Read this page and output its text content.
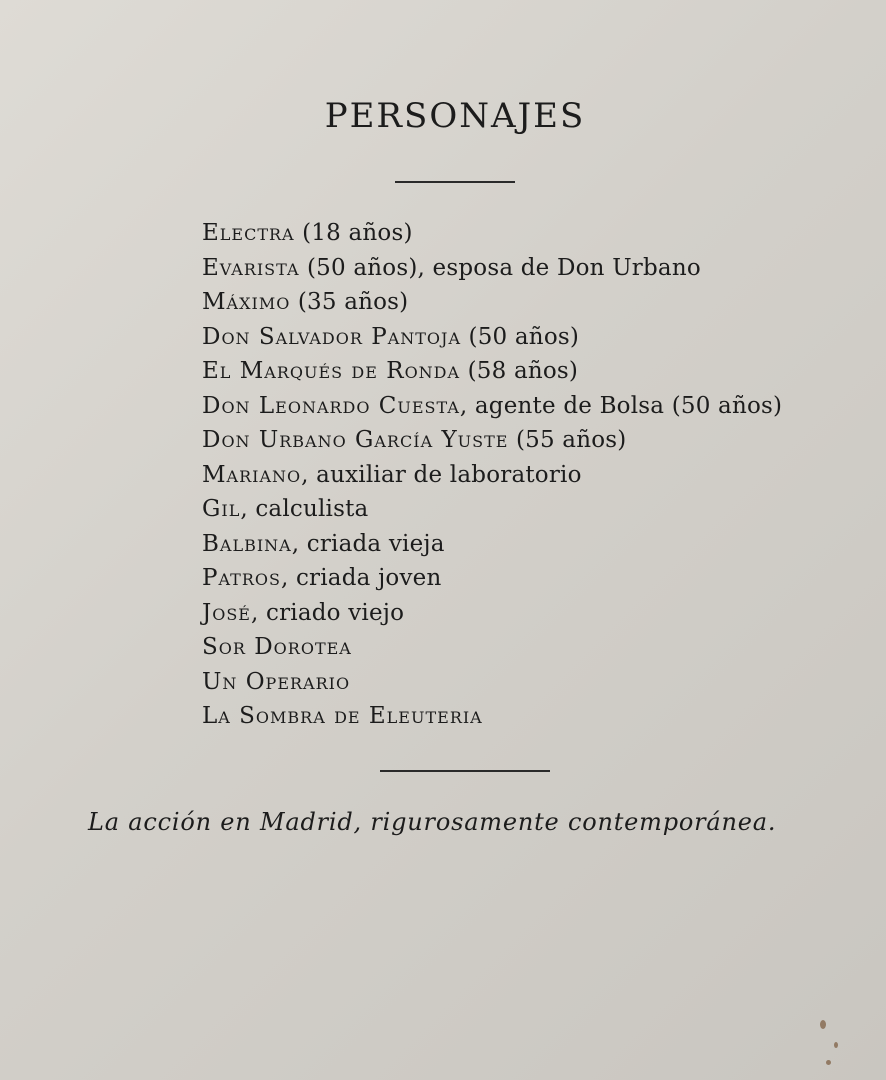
PERSONAJES
Electra (18 años)
Evarista (50 años), esposa de Don Urbano
Máximo (35 años)
Don Salvador Pantoja (50 años)
El Marqués de Ronda (58 años)
Don Leonardo Cuesta, agente de Bolsa (50 años)
Don Urbano García Yuste (55 años)
Mariano, auxiliar de laboratorio
Gil, calculista
Balbina, criada vieja
Patros, criada joven
José, criado viejo
Sor Dorotea
Un Operario
La Sombra de Eleuteria
La acción en Madrid, rigurosamente contemporánea.
